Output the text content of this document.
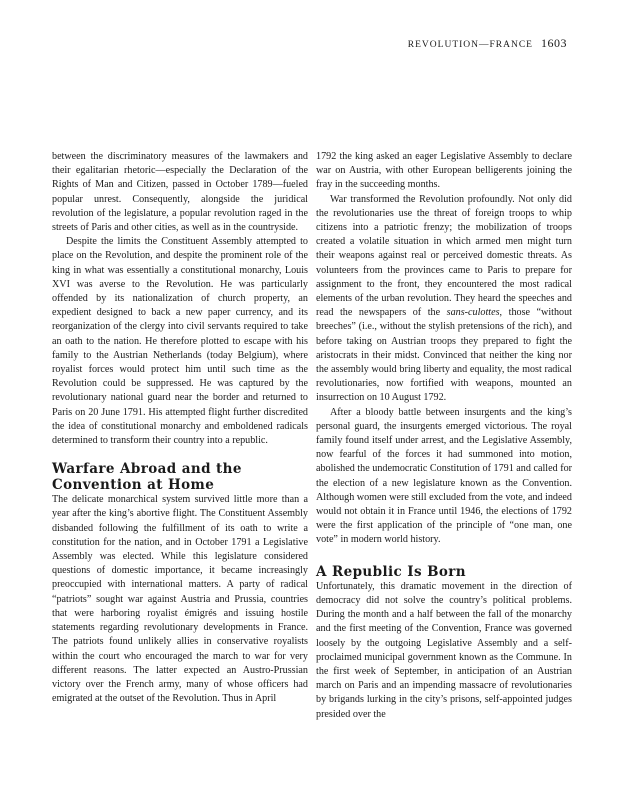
REVOLUTION—FRANCE 1603

between the discriminatory measures of the lawmakers and their egalitarian rhetoric—especially the Declaration of the Rights of Man and Citizen, passed in October 1789—fueled popular unrest. Consequently, alongside the juridical revolution of the legislature, a popular revolution raged in the streets of Paris and other cities, as well as in the countryside.

Despite the limits the Constituent Assembly attempted to place on the Revolution, and despite the prominent role of the king in what was essentially a constitutional monarchy, Louis XVI was averse to the Revolution. He was particularly offended by its nationalization of church property, an expedient designed to back a new paper currency, and its reorganization of the clergy into civil servants required to take an oath to the nation. He therefore plotted to escape with his family to the Austrian Netherlands (today Belgium), where royalist forces would protect him until such time as the Revolution could be suppressed. He was captured by the revolutionary national guard near the border and returned to Paris on 20 June 1791. His attempted flight further discredited the idea of constitutional monarchy and emboldened radicals determined to transform their country into a republic.

Warfare Abroad and the Convention at Home

The delicate monarchical system survived little more than a year after the king’s abortive flight. The Constituent Assembly disbanded following the fulfillment of its oath to write a constitution for the nation, and in October 1791 a Legislative Assembly was elected. While this legislature considered questions of domestic importance, it became increasingly preoccupied with international matters. A party of radical “patriots” sought war against Austria and Prussia, countries that were harboring royalist émigrés and issuing hostile statements regarding revolutionary developments in France. The patriots found unlikely allies in conservative royalists within the court who encouraged the march to war for very different reasons. The latter expected an Austro-Prussian victory over the French army, many of whose officers had emigrated at the outset of the Revolution. Thus in April

1792 the king asked an eager Legislative Assembly to declare war on Austria, with other European belligerents joining the fray in the succeeding months.

War transformed the Revolution profoundly. Not only did the revolutionaries use the threat of foreign troops to whip citizens into a patriotic frenzy; the mobilization of troops created a volatile situation in which armed men might turn their weapons against real or perceived domestic threats. As volunteers from the provinces came to Paris to prepare for assignment to the front, they encountered the most radical elements of the urban revolution. They heard the speeches and read the newspapers of the sans-culottes, those “without breeches” (i.e., without the stylish pretensions of the rich), and before taking on Austrian troops they prepared to fight the aristocrats in their midst. Convinced that neither the king nor the assembly would bring liberty and equality, the most radical revolutionaries, now fortified with weapons, mounted an insurrection on 10 August 1792.

After a bloody battle between insurgents and the king’s personal guard, the insurgents emerged victorious. The royal family found itself under arrest, and the Legislative Assembly, now fearful of the forces it had summoned into motion, abolished the undemocratic Constitution of 1791 and called for the election of a new legislature known as the Convention. Although women were still excluded from the vote, and indeed would not obtain it in France until 1946, the elections of 1792 were the first application of the principle of “one man, one vote” in modern world history.

A Republic Is Born

Unfortunately, this dramatic movement in the direction of democracy did not solve the country’s political problems. During the month and a half between the fall of the monarchy and the first meeting of the Convention, France was governed loosely by the outgoing Legislative Assembly and a self-proclaimed municipal government known as the Commune. In the first week of September, in anticipation of an Austrian march on Paris and an impending massacre of revolutionaries by brigands lurking in the city’s prisons, self-appointed judges presided over the
